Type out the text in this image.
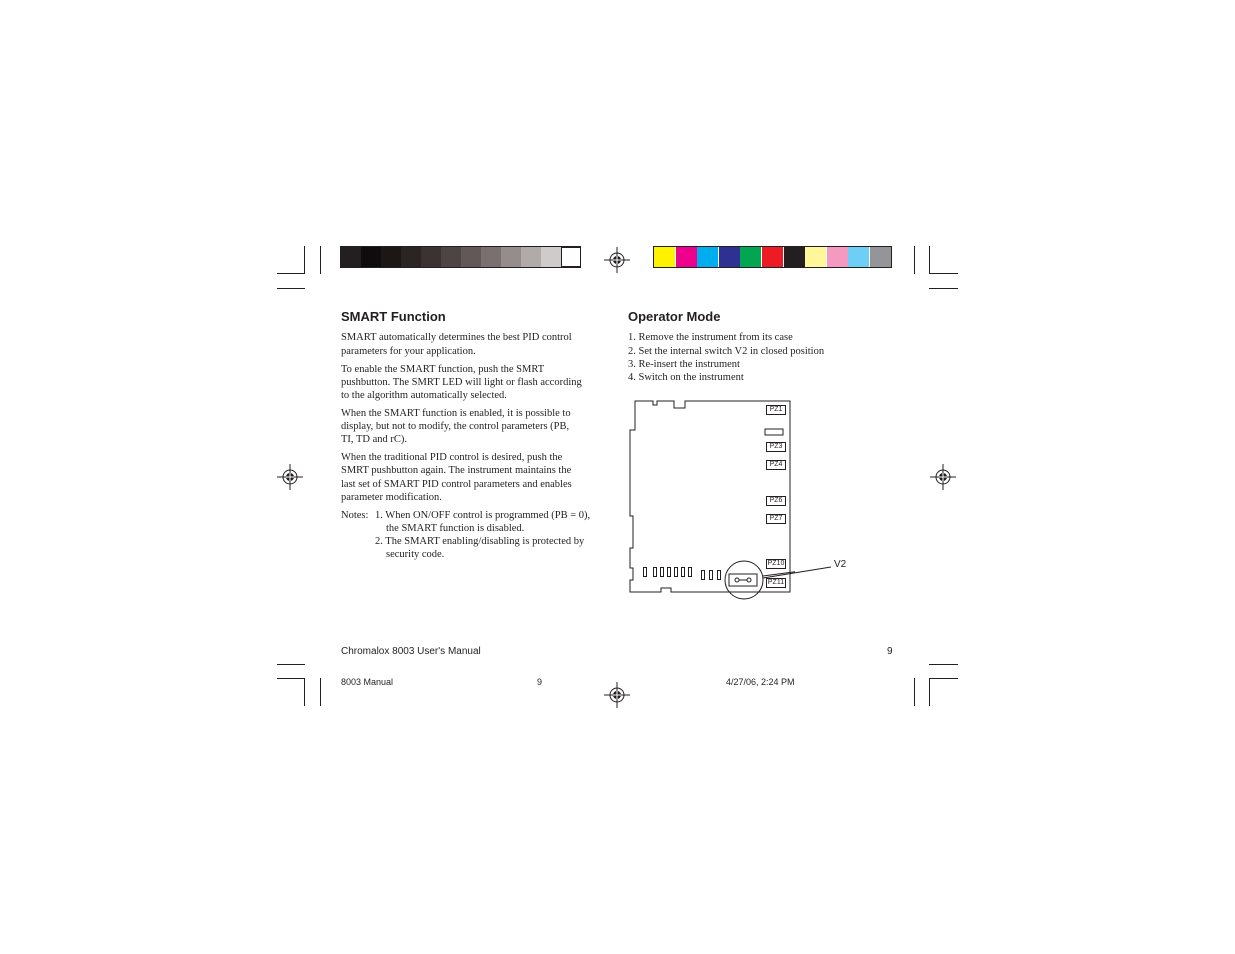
SMART Function

SMART automatically determines the best PID control

parameters for your application.

To enable the SMART function, push the SMRT

pushbutton. The SMRT LED will light or flash according

to the algorithm automatically selected.

When the SMART function is enabled, it is possible to

display, but not to modify, the control parameters (PB,

TI, TD and rC).

When the traditional PID control is desired, push the

SMRT pushbutton again. The instrument maintains the

last set of SMART PID control parameters and enables

parameter modification.

Notes: 1. When ON/OFF control is programmed (PB = 0),

the SMART function is disabled.

2. The SMART enabling/disabling is protected by

security code.

Operator Mode

1. Remove the instrument from its case

2. Set the internal switch V2 in closed position

3. Re-insert the instrument

4. Switch on the instrument

PZ1
PZ3
PZ4
PZ6
PZ7
PZ10
PZ11
V2
Chromalox 8003 User's Manual	9
8003 Manual	9	4/27/06, 2:24 PM
